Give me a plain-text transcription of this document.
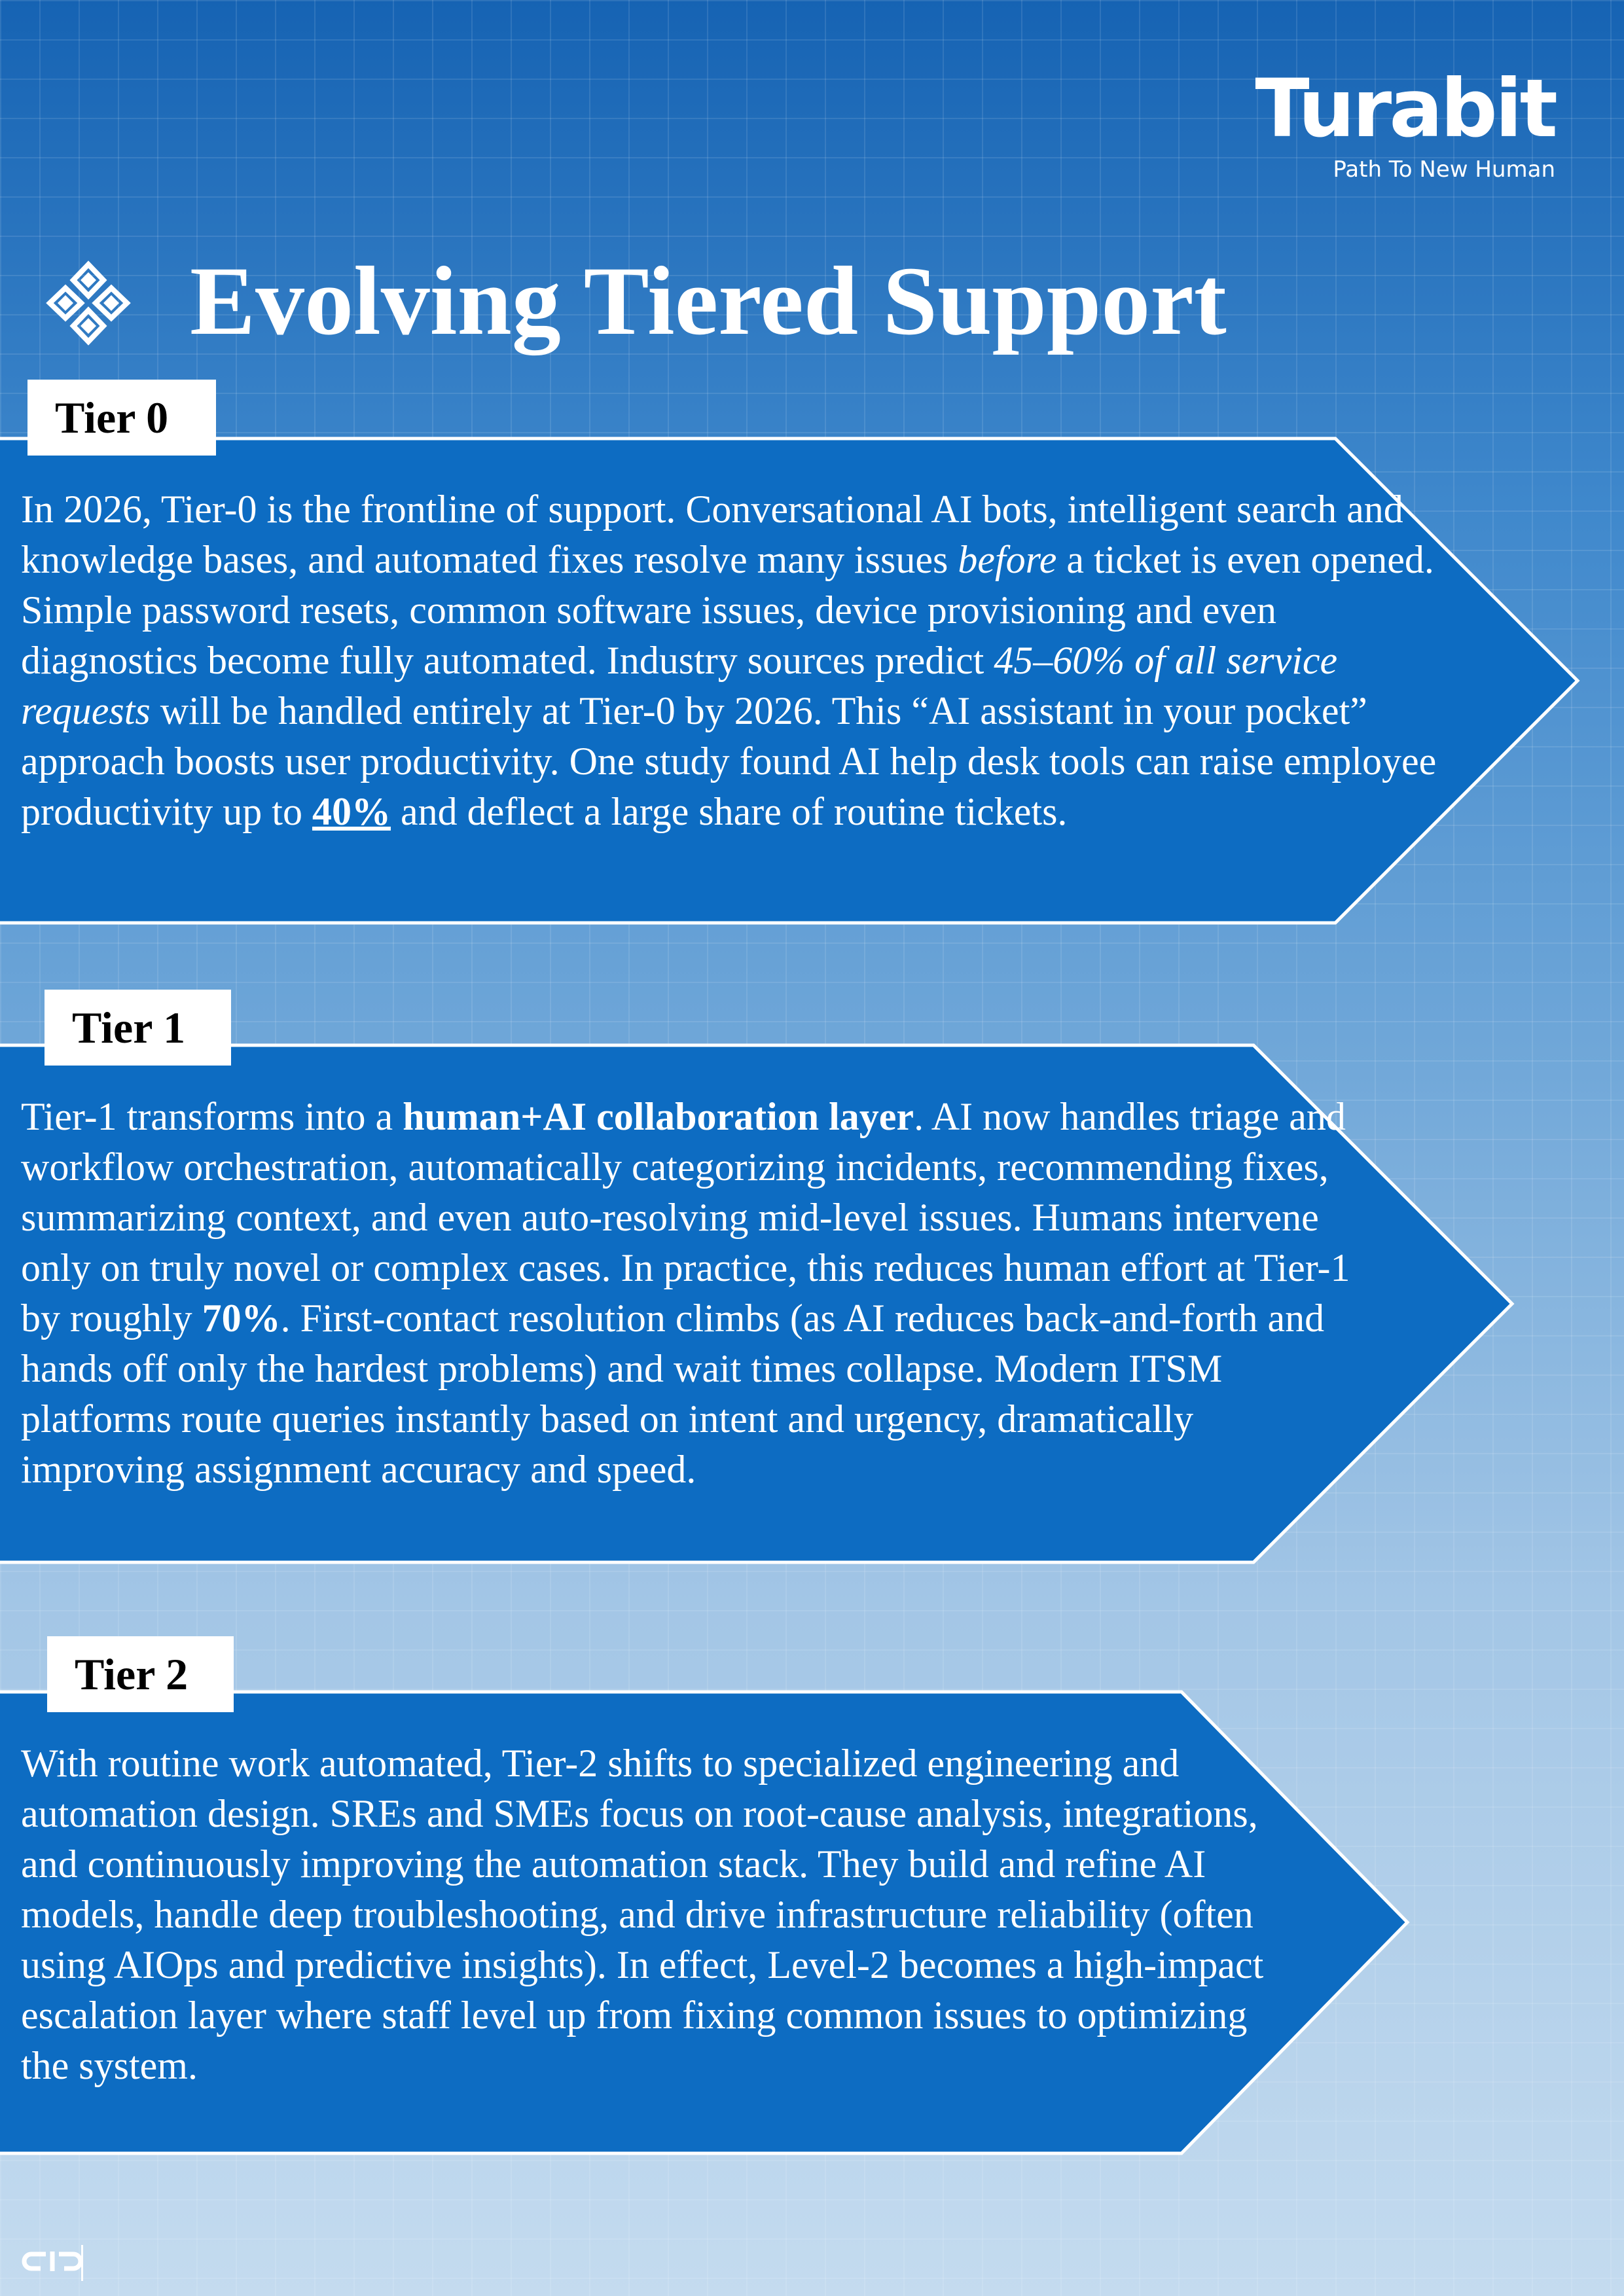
Turabit
Path To New Human
Evolving Tiered Support
Tier 0

In 2026, Tier-0 is the frontline of support. Conversational AI bots, intelligent search and knowledge bases, and automated fixes resolve many issues before a ticket is even opened. Simple password resets, common software issues, device provisioning and even diagnostics become fully automated. Industry sources predict 45–60% of all service requests will be handled entirely at Tier-0 by 2026. This “AI assistant in your pocket” approach boosts user productivity. One study found AI help desk tools can raise employee productivity up to 40% and deflect a large share of routine tickets.

Tier 1

Tier-1 transforms into a human+AI collaboration layer. AI now handles triage and workflow orchestration, automatically categorizing incidents, recommending fixes, summarizing context, and even auto-resolving mid-level issues. Humans intervene only on truly novel or complex cases. In practice, this reduces human effort at Tier-1 by roughly 70%. First-contact resolution climbs (as AI reduces back-and-forth and hands off only the hardest problems) and wait times collapse. Modern ITSM platforms route queries instantly based on intent and urgency, dramatically improving assignment accuracy and speed.

Tier 2

With routine work automated, Tier-2 shifts to specialized engineering and automation design. SREs and SMEs focus on root-cause analysis, integrations, and continuously improving the automation stack. They build and refine AI models, handle deep troubleshooting, and drive infrastructure reliability (often using AIOps and predictive insights). In effect, Level-2 becomes a high-impact escalation layer where staff level up from fixing common issues to optimizing the system.
